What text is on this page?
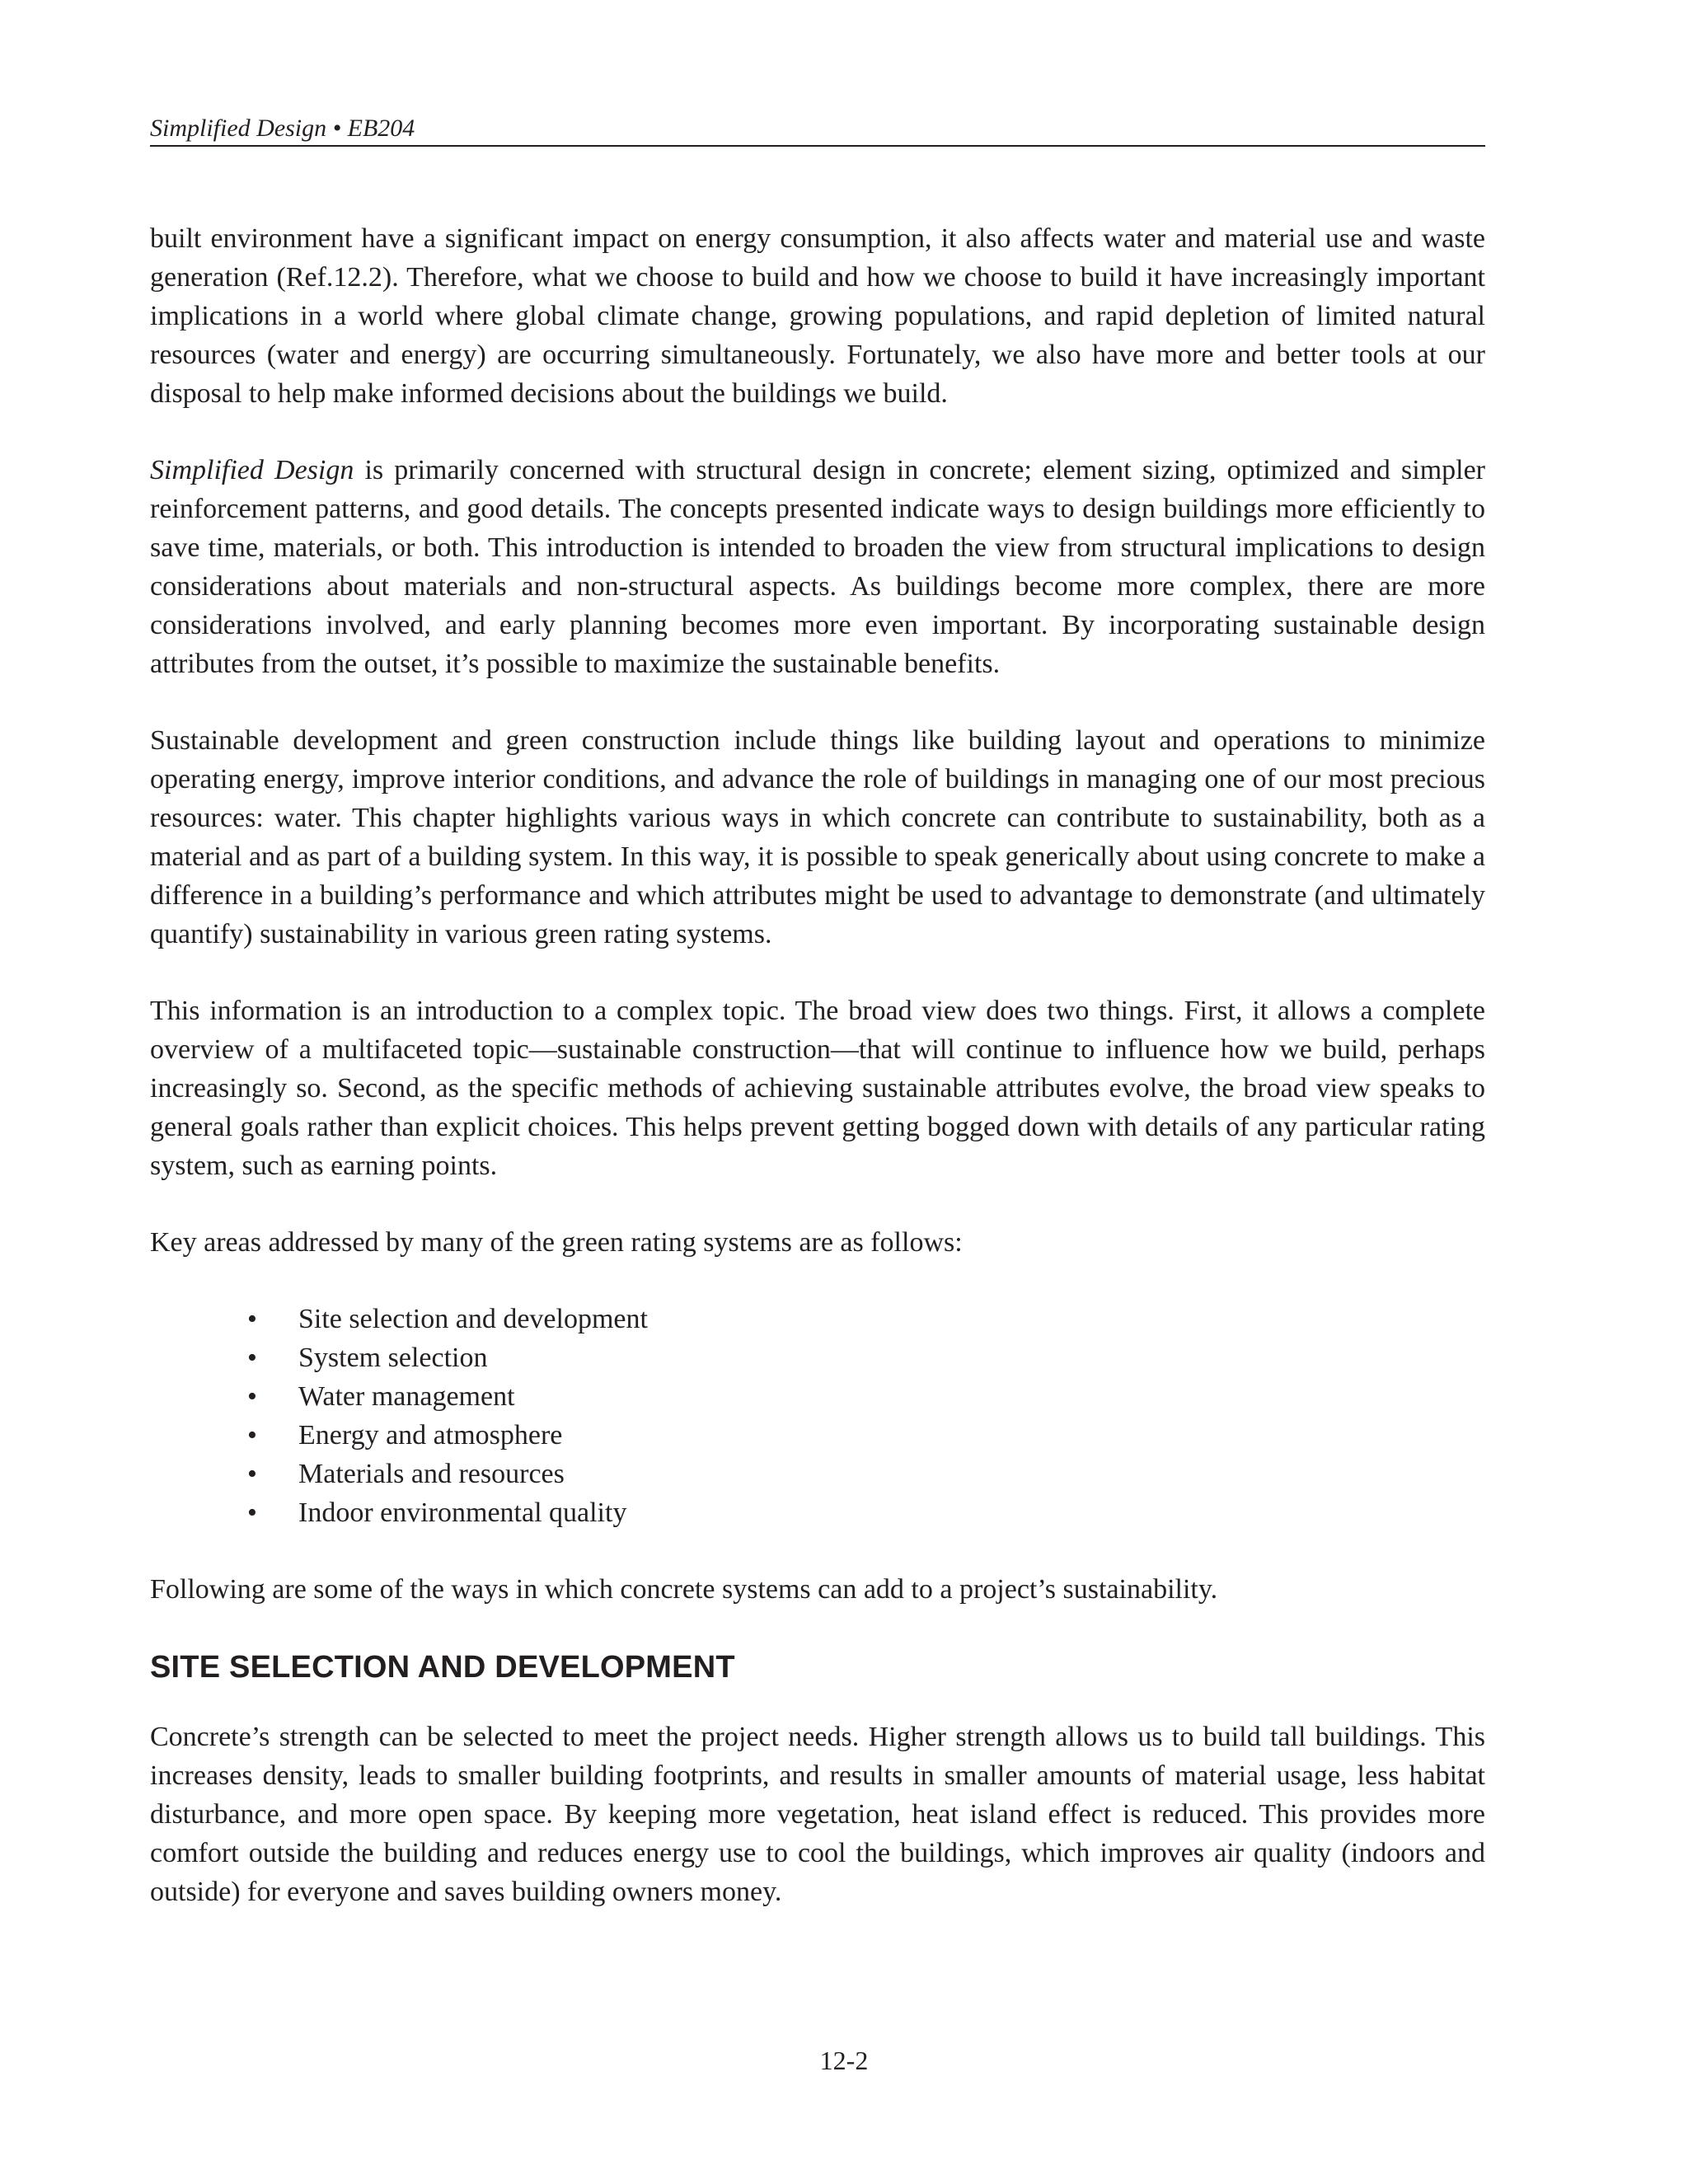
Simplified Design • EB204

built environment have a significant impact on energy consumption, it also affects water and material use and waste generation (Ref.12.2). Therefore, what we choose to build and how we choose to build it have increasingly important implications in a world where global climate change, growing populations, and rapid depletion of limited natural resources (water and energy) are occurring simultaneously. Fortunately, we also have more and better tools at our disposal to help make informed decisions about the buildings we build.

Simplified Design is primarily concerned with structural design in concrete; element sizing, optimized and simpler reinforcement patterns, and good details. The concepts presented indicate ways to design buildings more efficiently to save time, materials, or both. This introduction is intended to broaden the view from structural implications to design considerations about materials and non-structural aspects. As buildings become more complex, there are more considerations involved, and early planning becomes more even important. By incorporating sustainable design attributes from the outset, it’s possible to maximize the sustainable benefits.

Sustainable development and green construction include things like building layout and operations to minimize operating energy, improve interior conditions, and advance the role of buildings in managing one of our most precious resources: water. This chapter highlights various ways in which concrete can contribute to sustainability, both as a material and as part of a building system. In this way, it is possible to speak generically about using concrete to make a difference in a building’s performance and which attributes might be used to advantage to demonstrate (and ultimately quantify) sustainability in various green rating systems.

This information is an introduction to a complex topic. The broad view does two things. First, it allows a complete overview of a multifaceted topic—sustainable construction—that will continue to influence how we build, perhaps increasingly so. Second, as the specific methods of achieving sustainable attributes evolve, the broad view speaks to general goals rather than explicit choices. This helps prevent getting bogged down with details of any particular rating system, such as earning points.

Key areas addressed by many of the green rating systems are as follows:

• Site selection and development
• System selection
• Water management
• Energy and atmosphere
• Materials and resources
• Indoor environmental quality

Following are some of the ways in which concrete systems can add to a project’s sustainability.

SITE SELECTION AND DEVELOPMENT

Concrete’s strength can be selected to meet the project needs. Higher strength allows us to build tall buildings. This increases density, leads to smaller building footprints, and results in smaller amounts of material usage, less habitat disturbance, and more open space. By keeping more vegetation, heat island effect is reduced. This provides more comfort outside the building and reduces energy use to cool the buildings, which improves air quality (indoors and outside) for everyone and saves building owners money.

12-2
